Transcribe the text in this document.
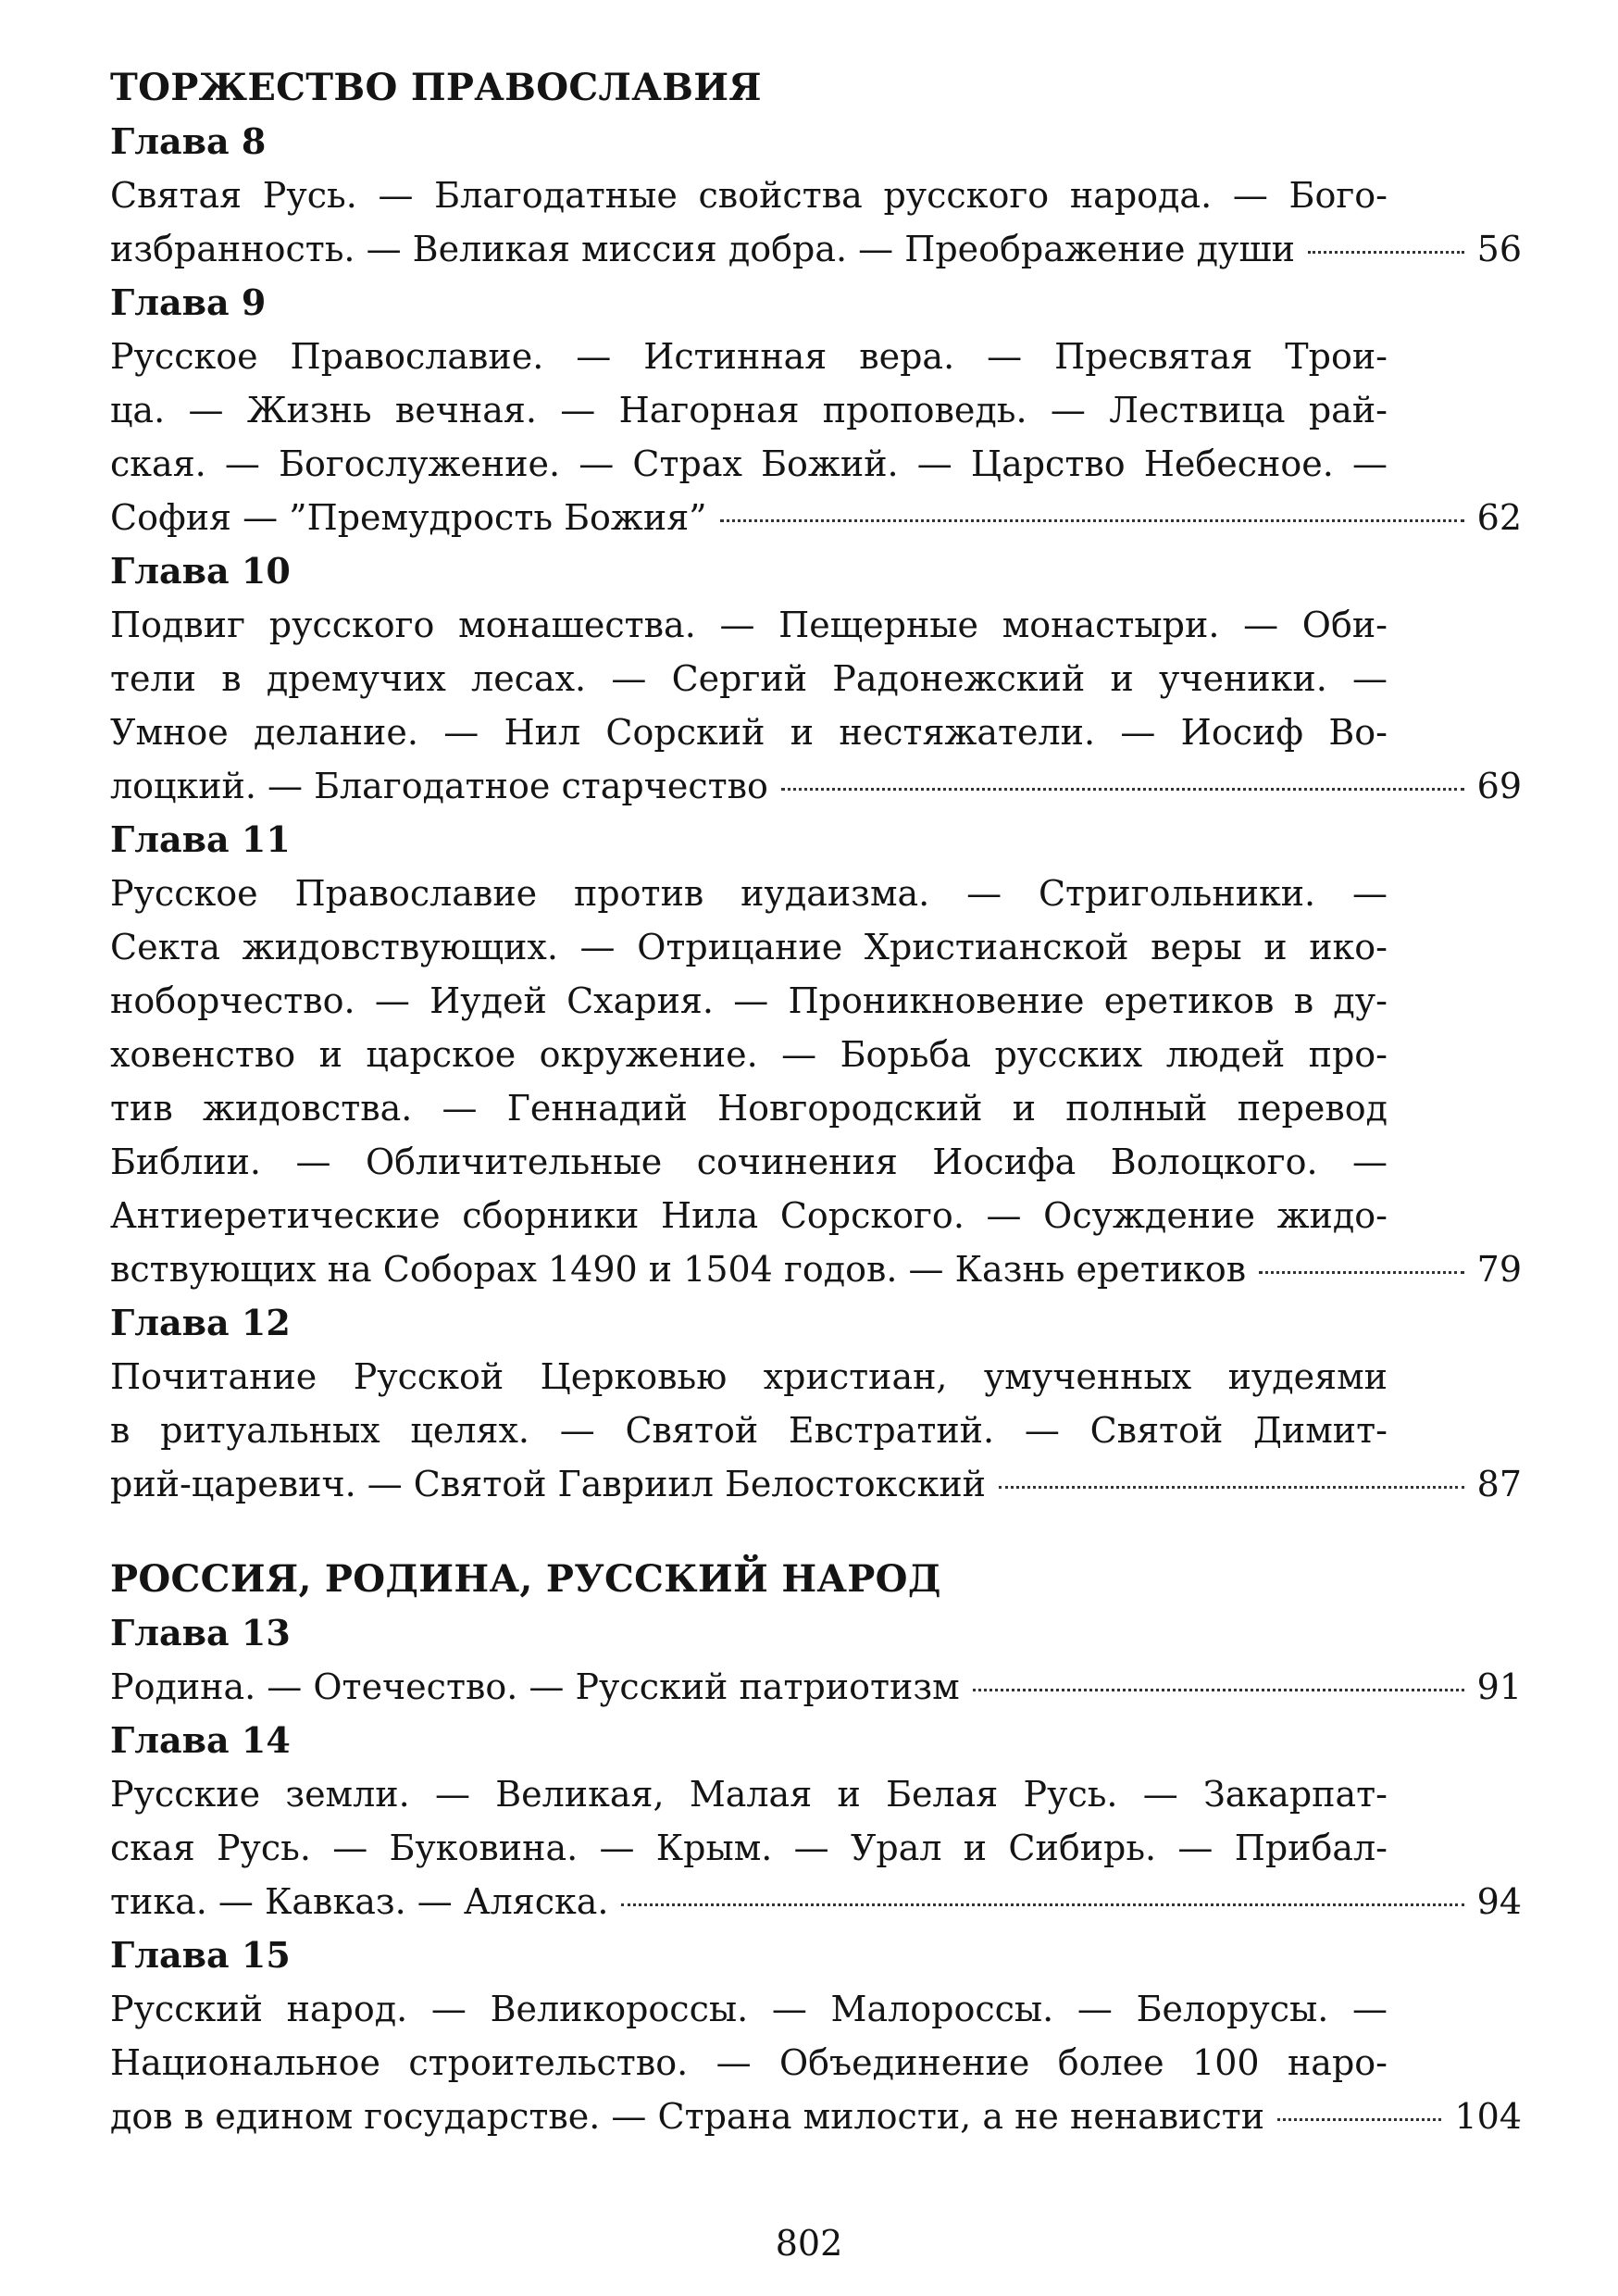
ТОРЖЕСТВО ПРАВОСЛАВИЯ
Глава 8
Святая Русь. — Благодатные свойства русского народа. — Бого-
избранность. — Великая миссия добра. — Преображение души	56
Глава 9
Русское Православие. — Истинная вера. — Пресвятая Трои-
ца. — Жизнь вечная. — Нагорная проповедь. — Лествица рай-
ская. — Богослужение. — Страх Божий. — Царство Небесное. —
София — ”Премудрость Божия”	62
Глава 10
Подвиг русского монашества. — Пещерные монастыри. — Оби-
тели в дремучих лесах. — Сергий Радонежский и ученики. —
Умное делание. — Нил Сорский и нестяжатели. — Иосиф Во-
лоцкий. — Благодатное старчество	69
Глава 11
Русское Православие против иудаизма. — Стригольники. —
Секта жидовствующих. — Отрицание Христианской веры и ико-
ноборчество. — Иудей Схария. — Проникновение еретиков в ду-
ховенство и царское окружение. — Борьба русских людей про-
тив жидовства. — Геннадий Новгородский и полный перевод
Библии. — Обличительные сочинения Иосифа Волоцкого. —
Антиеретические сборники Нила Сорского. — Осуждение жидо-
вствующих на Соборах 1490 и 1504 годов. — Казнь еретиков	79
Глава 12
Почитание Русской Церковью христиан, умученных иудеями
в ритуальных целях. — Святой Евстратий. — Святой Димит-
рий-царевич. — Святой Гавриил Белостокский	87
РОССИЯ, РОДИНА, РУССКИЙ НАРОД
Глава 13
Родина. — Отечество. — Русский патриотизм	91
Глава 14
Русские земли. — Великая, Малая и Белая Русь. — Закарпат-
ская Русь. — Буковина. — Крым. — Урал и Сибирь. — Прибал-
тика. — Кавказ. — Аляска.	94
Глава 15
Русский народ. — Великороссы. — Малороссы. — Белорусы. —
Национальное строительство. — Объединение более 100 наро-
дов в едином государстве. — Страна милости, а не ненависти	104
802
